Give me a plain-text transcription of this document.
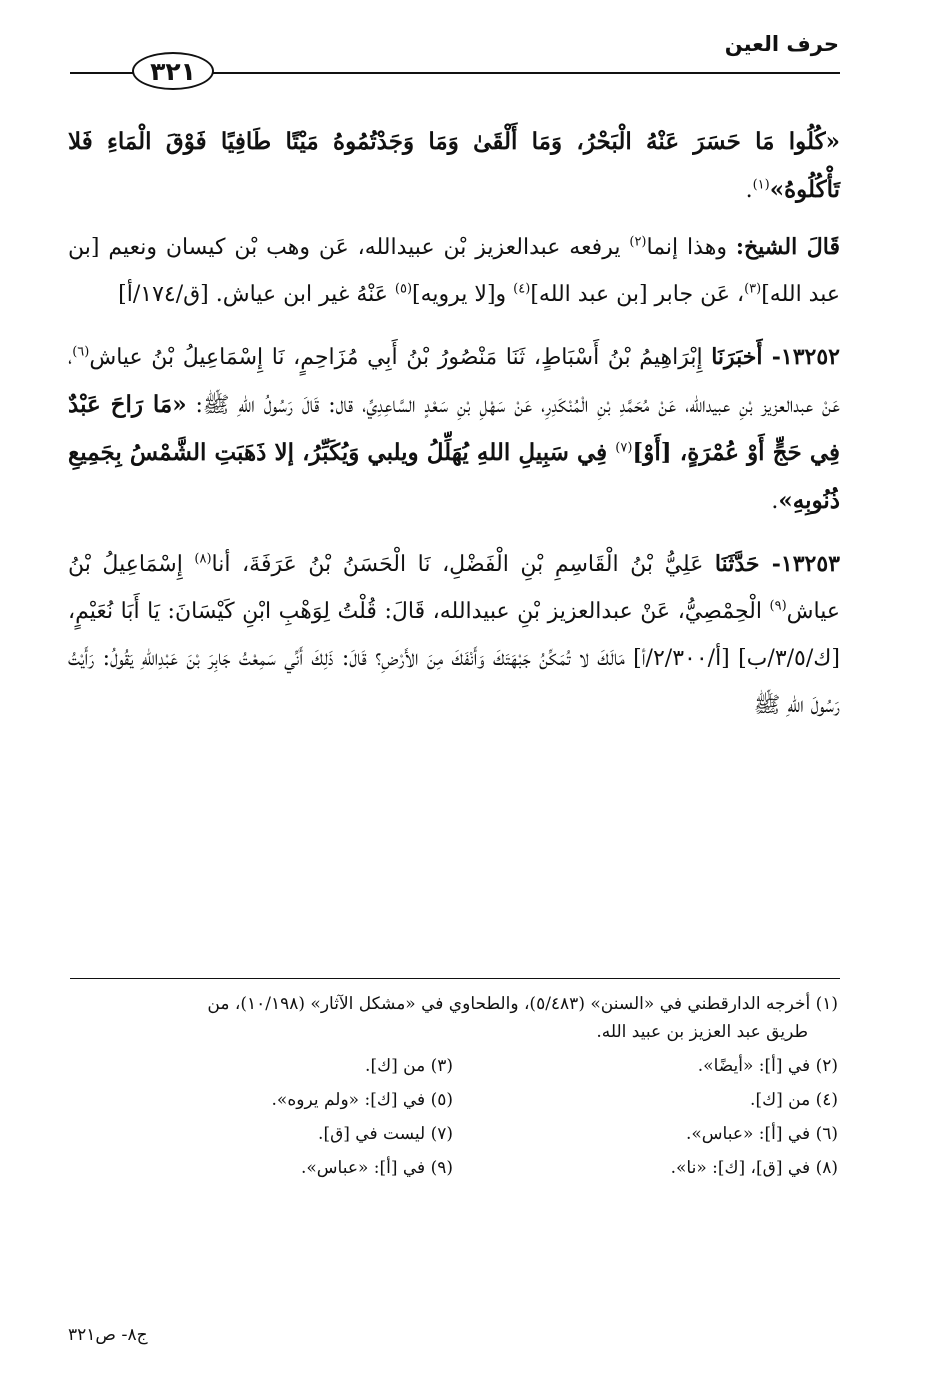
حرف العين
٣٢١

«كُلُوا مَا حَسَرَ عَنْهُ الْبَحْرُ، وَمَا أَلْقَىٰ وَمَا وَجَدْتُمُوهُ مَيْتًا طَافِيًا فَوْقَ الْمَاءِ فَلا تَأْكُلُوهُ»$^{(١)}$.

قَالَ الشيخ: وهذا إنما$^{(٢)}$ يرفعه عبدالعزيز بْن عبيدالله، عَن وهب بْن كيسان ونعيم [بن عبد الله]$^{(٣)}$، عَن جابر [بن عبد الله]$^{(٤)}$ و[لا يرويه]$^{(٥)}$ عَنْهُ غير ابن عياش. [ق/١٧٤/أ]

١٣٢٥٢- أَخبَرَنَا إِبْرَاهِيمُ بْنُ أَسْبَاطٍ، ثَنَا مَنْصُورُ بْنُ أَبِي مُزَاحِمٍ، نَا إِسْمَاعِيلُ بْنُ عياش$^{(٦)}$، عَنْ عبدالعزيز بْنِ عبيدالله، عَنْ مُحَمَّدِ بْنِ الْمُنْكَدِرِ، عَنْ سَهْلِ بْنِ سَعْدٍ السَّاعِدِيِّ، قال: قَالَ رَسُولُ اللهِ ﷺ: «مَا رَاحَ عَبْدٌ فِي حَجٍّ أَوْ عُمْرَةٍ، [أَوْ]$^{(٧)}$ فِي سَبِيلِ اللهِ يُهَلِّلُ ويلبي وَيُكَبِّرُ، إلا ذَهَبَتِ الشَّمْسُ بِجَمِيعِ ذُنُوبِهِ».

١٣٢٥٣- حَدَّثَنَا عَلِيُّ بْنُ الْقَاسِمِ بْنِ الْفَضْلِ، نَا الْحَسَنُ بْنُ عَرَفَةَ، أنا$^{(٨)}$ إِسْمَاعِيلُ بْنُ عياش$^{(٩)}$ الْحِمْصِيُّ، عَنْ عبدالعزيز بْنِ عبيدالله، قَالَ: قُلْتُ لِوَهْبِ ابْنِ كَيْسَانَ: يَا أَبَا نُعَيْمٍ، [ك/٣/٥/ب] [أ/٢/٣٠٠/أ] مَالَكَ لا تُمَكِّنُ جَبْهَتَكَ وَأَنْفَكَ مِنَ الأَرْضِ؟ قَالَ: ذَلِكَ أَنِّي سَمِعْتُ جَابِرَ بْنَ عَبْدِاللهِ يَقُولُ: رَأَيْتُ رَسُولَ اللهِ ﷺ

(١) أخرجه الدارقطني في «السنن» (٥/٤٨٣)، والطحاوي في «مشكل الآثار» (١٠/١٩٨)، من
طريق عبد العزيز بن عبيد الله.

(٢) في [أ]: «أيضًا».
(٣) من [ك].
(٤) من [ك].
(٥) في [ك]: «ولم يروه».
(٦) في [أ]: «عباس».
(٧) ليست في [ق].
(٨) في [ق]، [ك]: «نا».
(٩) في [أ]: «عباس».
ج٨- ص٣٢١
